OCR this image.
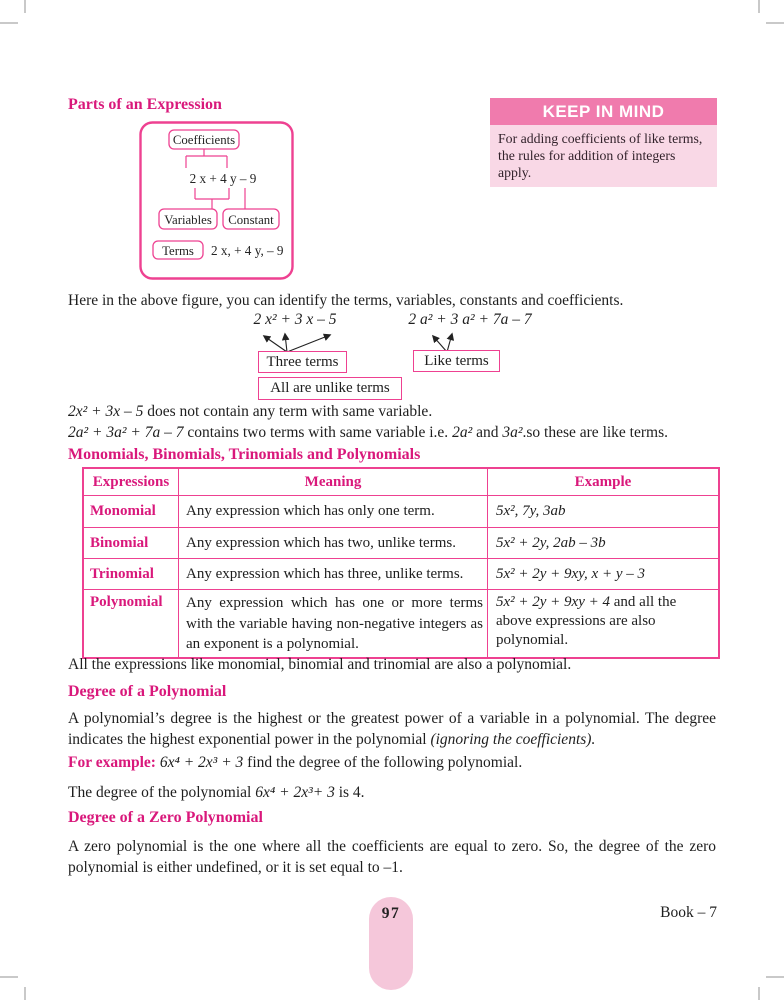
Parts of an Expression
Coefficients
2 x + 4 y – 9
Variables Constant
Terms 2 x, + 4 y, – 9
KEEP IN MIND
For adding coefficients of like terms, the rules for addition of integers apply.

Here in the above figure, you can identify the terms, variables, constants and coefficients.

2 x² + 3 x – 5	2 a² + 3 a² + 7a – 7
Three terms	Like terms
All are unlike terms

2x² + 3x – 5 does not contain any term with same variable.

2a² + 3a² + 7a – 7 contains two terms with same variable i.e. 2a² and 3a².so these are like terms.

Monomials, Binomials, Trinomials and Polynomials
Expressions	Meaning	Example
Monomial	Any expression which has only one term.	5x², 7y, 3ab
Binomial	Any expression which has two, unlike terms.	5x² + 2y, 2ab – 3b
Trinomial	Any expression which has three, unlike terms.	5x² + 2y + 9xy, x + y – 3
Polynomial	Any expression which has one or more terms with the variable having non-negative integers as an exponent is a polynomial.	5x² + 2y + 9xy + 4 and all the above expressions are also polynomial.

All the expressions like monomial, binomial and trinomial are also a polynomial.

Degree of a Polynomial

A polynomial’s degree is the highest or the greatest power of a variable in a polynomial. The degree indicates the highest exponential power in the polynomial (ignoring the coefficients).

For example: 6x⁴ + 2x³ + 3 find the degree of the following polynomial.

The degree of the polynomial 6x⁴ + 2x³+ 3 is 4.

Degree of a Zero Polynomial

A zero polynomial is the one where all the coefficients are equal to zero. So, the degree of the zero polynomial is either undefined, or it is set equal to –1.

97	Book – 7
